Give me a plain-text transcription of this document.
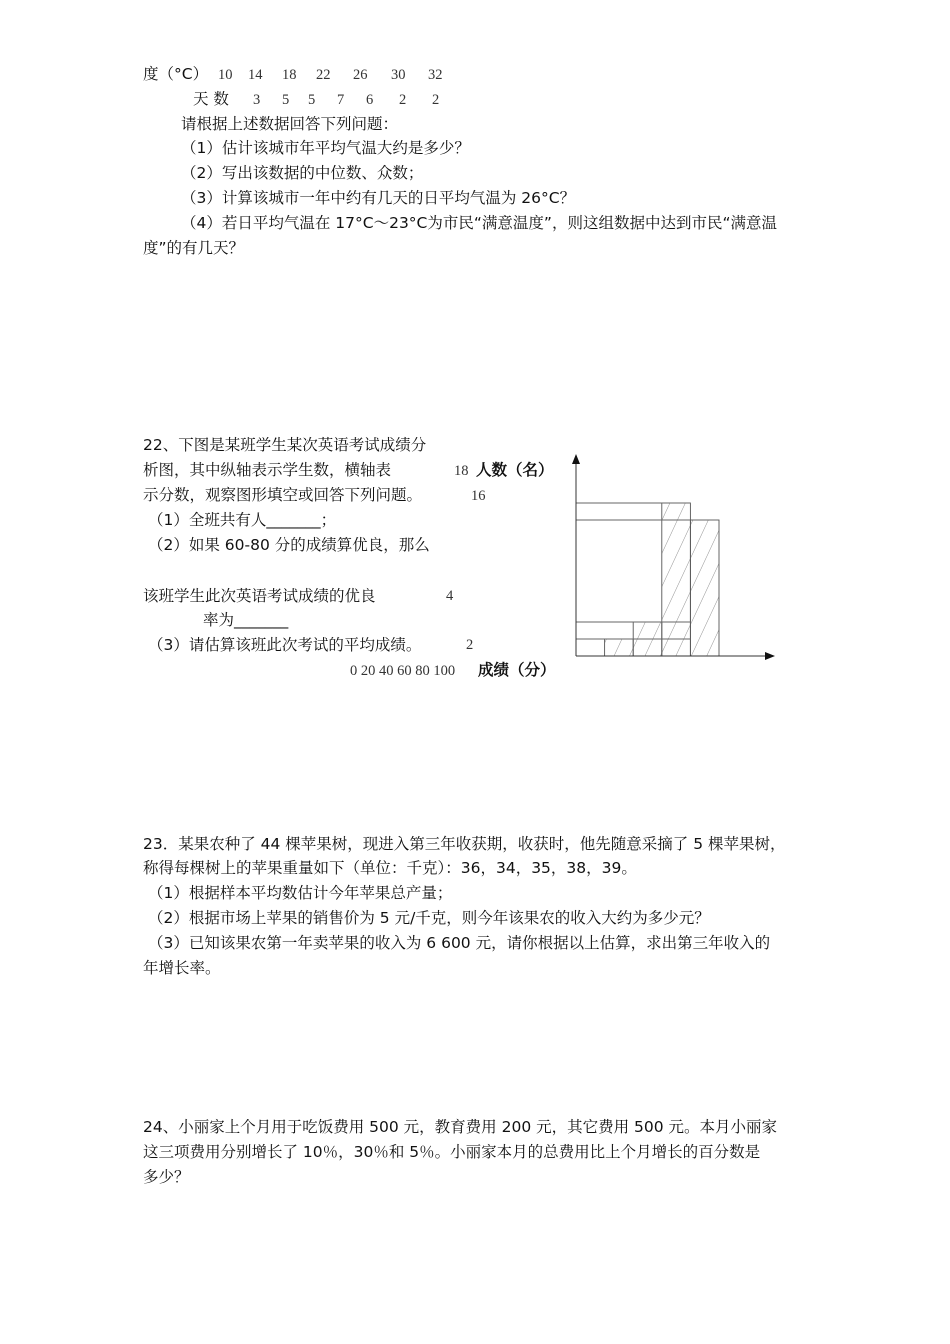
度（°C） 10 14 18 22 26 30 32
天 数 3 5 5 7 6 2 2
请根据上述数据回答下列问题：
（1）估计该城市年平均气温大约是多少？
（2）写出该数据的中位数、众数；
（3）计算该城市一年中约有几天的日平均气温为 26°C？
（4）若日平均气温在 17°C～23°C为市民“满意温度”，则这组数据中达到市民“满意温
度”的有几天？
22、下图是某班学生某次英语考试成绩分
析图，其中纵轴表示学生数，横轴表
示分数，观察图形填空或回答下列问题。
（1）全班共有人_______；
（2）如果 60-80 分的成绩算优良，那么
该班学生此次英语考试成绩的优良
率为_______
（3）请估算该班此次考试的平均成绩。
18 人数（名）
16
4
2
0 20 40 60 80 100 成绩（分）
23．某果农种了 44 棵苹果树，现进入第三年收获期，收获时，他先随意采摘了 5 棵苹果树，
称得每棵树上的苹果重量如下（单位：千克）：36，34，35，38，39。
（1）根据样本平均数估计今年苹果总产量；
（2）根据市场上苹果的销售价为 5 元/千克，则今年该果农的收入大约为多少元？
（3）已知该果农第一年卖苹果的收入为 6 600 元，请你根据以上估算，求出第三年收入的
年增长率。
24、小丽家上个月用于吃饭费用 500 元，教育费用 200 元，其它费用 500 元。本月小丽家
这三项费用分别增长了 10％，30％和 5％。小丽家本月的总费用比上个月增长的百分数是
多少？
